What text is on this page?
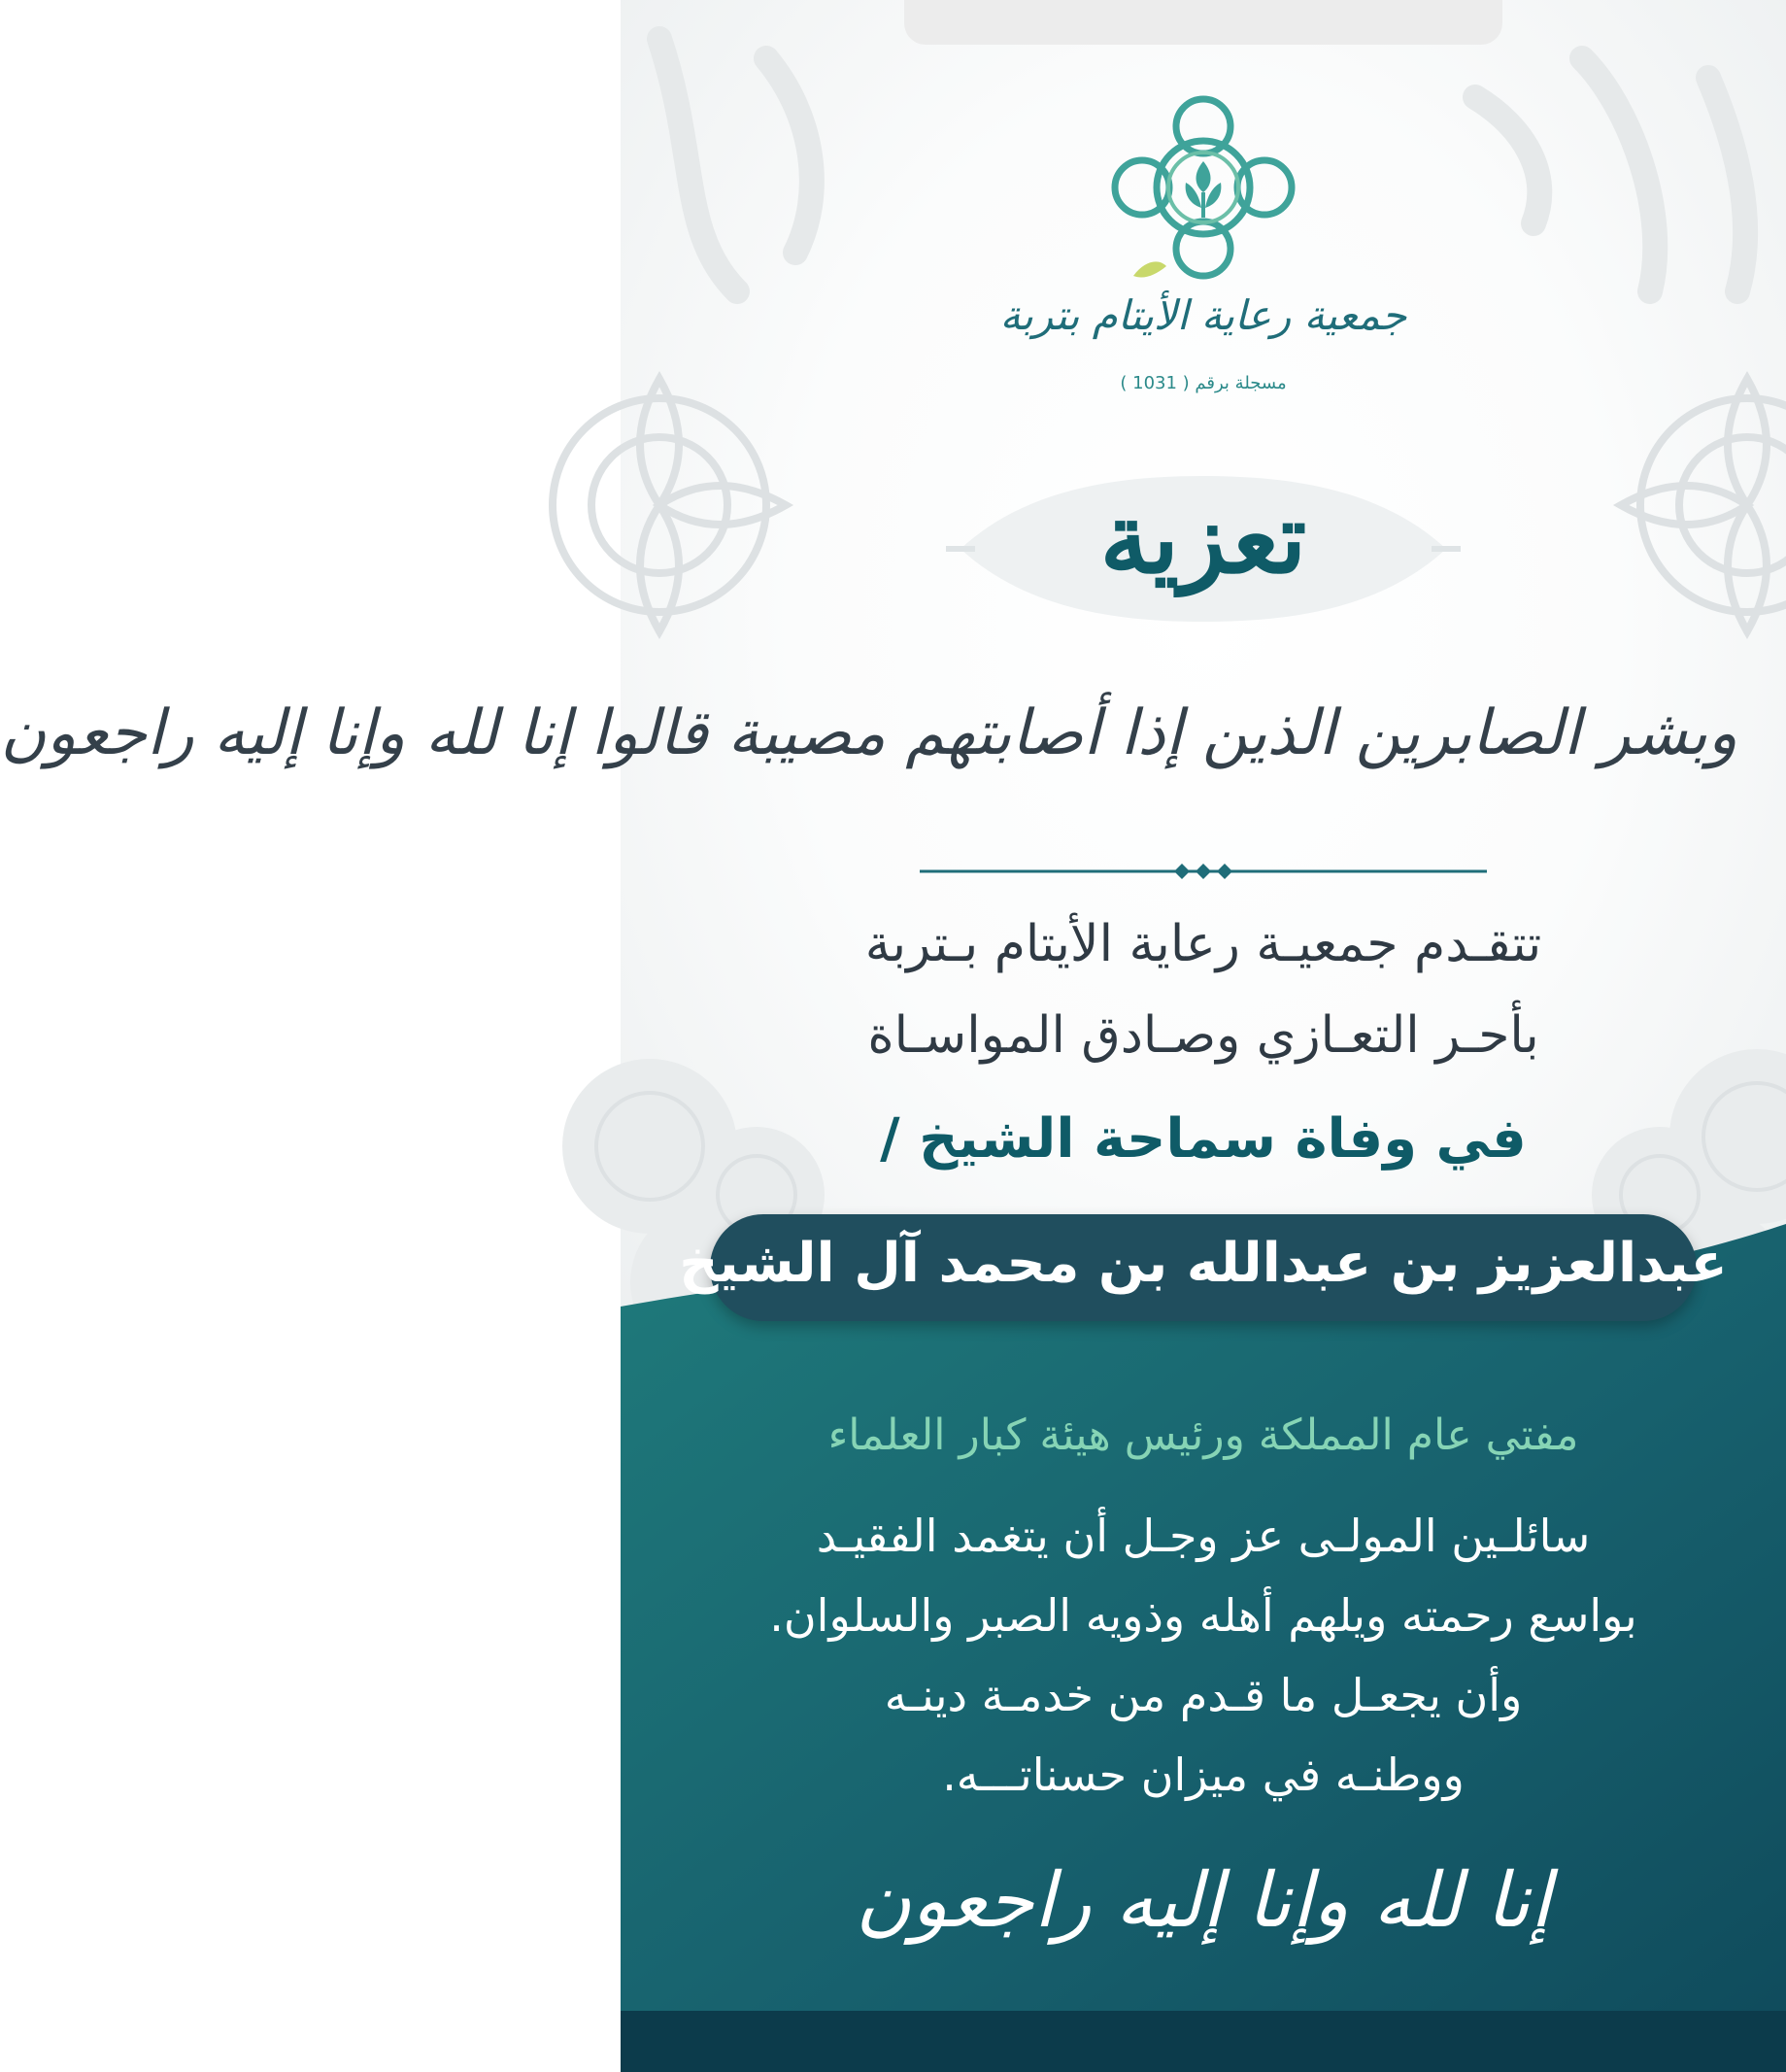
جمعية رعاية الأيتام بتربة
مسجلة برقم ( 1031 )
تعزية
وبشر الصابرين الذين إذا أصابتهم مصيبة قالوا إنا لله وإنا إليه راجعون
تتقـدم جمعيـة رعاية الأيتام بـتربة
بأحـر التعـازي وصـادق المواسـاة
في وفاة سماحة الشيخ /
عبدالعزيز بن عبدالله بن محمد آل الشيخ
مفتي عام المملكة ورئيس هيئة كبار العلماء
سائلـين المولـى عز وجـل أن يتغمد الفقيـد
بواسع رحمته ويلهم أهله وذويه الصبر والسلوان.
وأن يجعـل ما قـدم من خدمـة دينـه
ووطنـه في ميزان حسناتـــه.
إنا لله وإنا إليه راجعون
